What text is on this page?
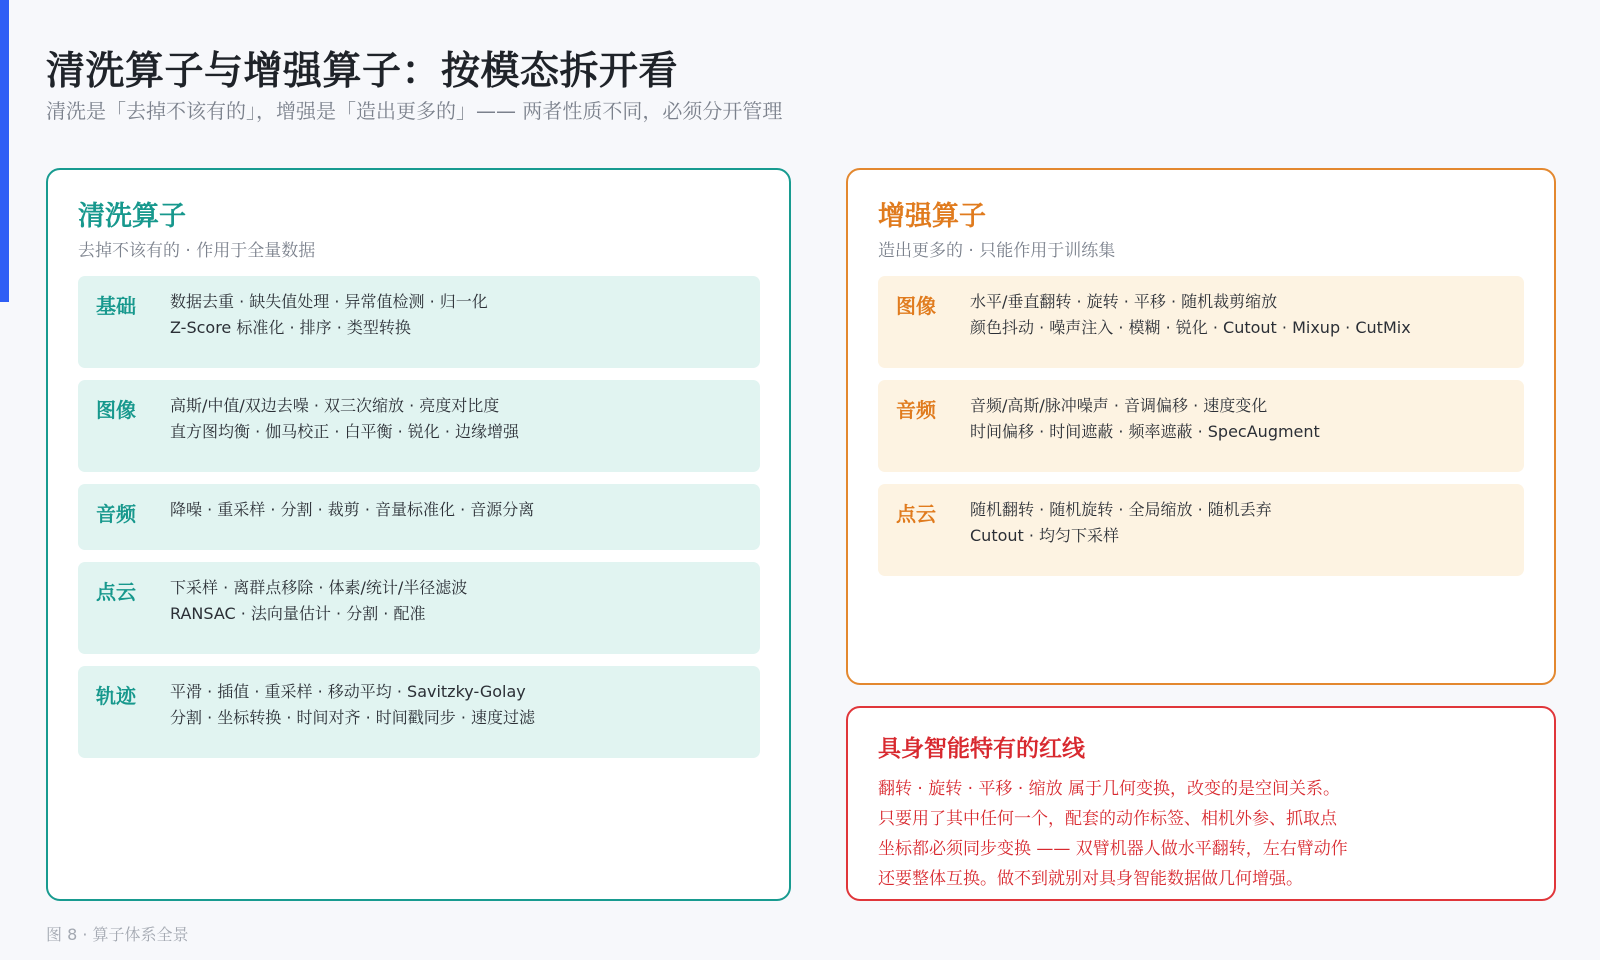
清洗算子与增强算子：按模态拆开看
清洗是「去掉不该有的」，增强是「造出更多的」—— 两者性质不同，必须分开管理
清洗算子
去掉不该有的 · 作用于全量数据
基础 数据去重 · 缺失值处理 · 异常值检测 · 归一化
Z-Score 标准化 · 排序 · 类型转换
图像 高斯/中值/双边去噪 · 双三次缩放 · 亮度对比度
直方图均衡 · 伽马校正 · 白平衡 · 锐化 · 边缘增强
音频 降噪 · 重采样 · 分割 · 裁剪 · 音量标准化 · 音源分离
点云 下采样 · 离群点移除 · 体素/统计/半径滤波
RANSAC · 法向量估计 · 分割 · 配准
轨迹 平滑 · 插值 · 重采样 · 移动平均 · Savitzky-Golay
分割 · 坐标转换 · 时间对齐 · 时间戳同步 · 速度过滤
增强算子
造出更多的 · 只能作用于训练集
图像 水平/垂直翻转 · 旋转 · 平移 · 随机裁剪缩放
颜色抖动 · 噪声注入 · 模糊 · 锐化 · Cutout · Mixup · CutMix
音频 音频/高斯/脉冲噪声 · 音调偏移 · 速度变化
时间偏移 · 时间遮蔽 · 频率遮蔽 · SpecAugment
点云 随机翻转 · 随机旋转 · 全局缩放 · 随机丢弃
Cutout · 均匀下采样
具身智能特有的红线
翻转 · 旋转 · 平移 · 缩放 属于几何变换，改变的是空间关系。
只要用了其中任何一个，配套的动作标签、相机外参、抓取点
坐标都必须同步变换 —— 双臂机器人做水平翻转，左右臂动作
还要整体互换。做不到就别对具身智能数据做几何增强。
图 8 · 算子体系全景
